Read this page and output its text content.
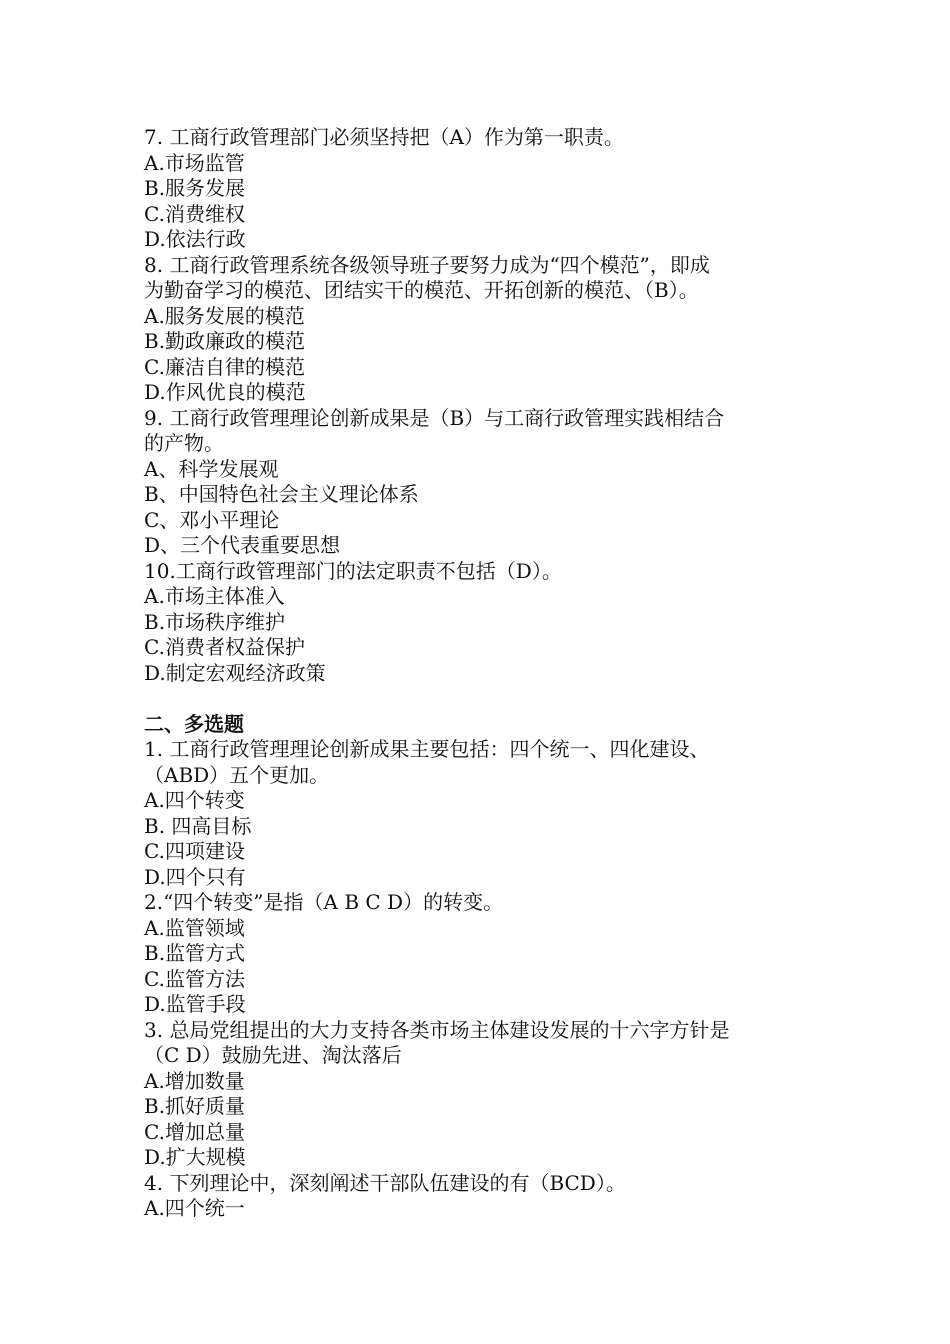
7. 工商行政管理部门必须坚持把（A）作为第一职责。
A.市场监管
B.服务发展
C.消费维权
D.依法行政
8. 工商行政管理系统各级领导班子要努力成为“四个模范”，即成
为勤奋学习的模范、团结实干的模范、开拓创新的模范、（B）。
A.服务发展的模范
B.勤政廉政的模范
C.廉洁自律的模范
D.作风优良的模范
9. 工商行政管理理论创新成果是（B）与工商行政管理实践相结合
的产物。
A、科学发展观
B、中国特色社会主义理论体系
C、邓小平理论
D、三个代表重要思想
10.工商行政管理部门的法定职责不包括（D）。
A.市场主体准入
B.市场秩序维护
C.消费者权益保护
D.制定宏观经济政策
二、多选题
1. 工商行政管理理论创新成果主要包括：四个统一、四化建设、
（ABD）五个更加。
A.四个转变
B. 四高目标
C.四项建设
D.四个只有
2.“四个转变”是指（A B C D）的转变。
A.监管领域
B.监管方式
C.监管方法
D.监管手段
3. 总局党组提出的大力支持各类市场主体建设发展的十六字方针是
（C D）鼓励先进、淘汰落后
A.增加数量
B.抓好质量
C.增加总量
D.扩大规模
4. 下列理论中，深刻阐述干部队伍建设的有（BCD）。
A.四个统一
